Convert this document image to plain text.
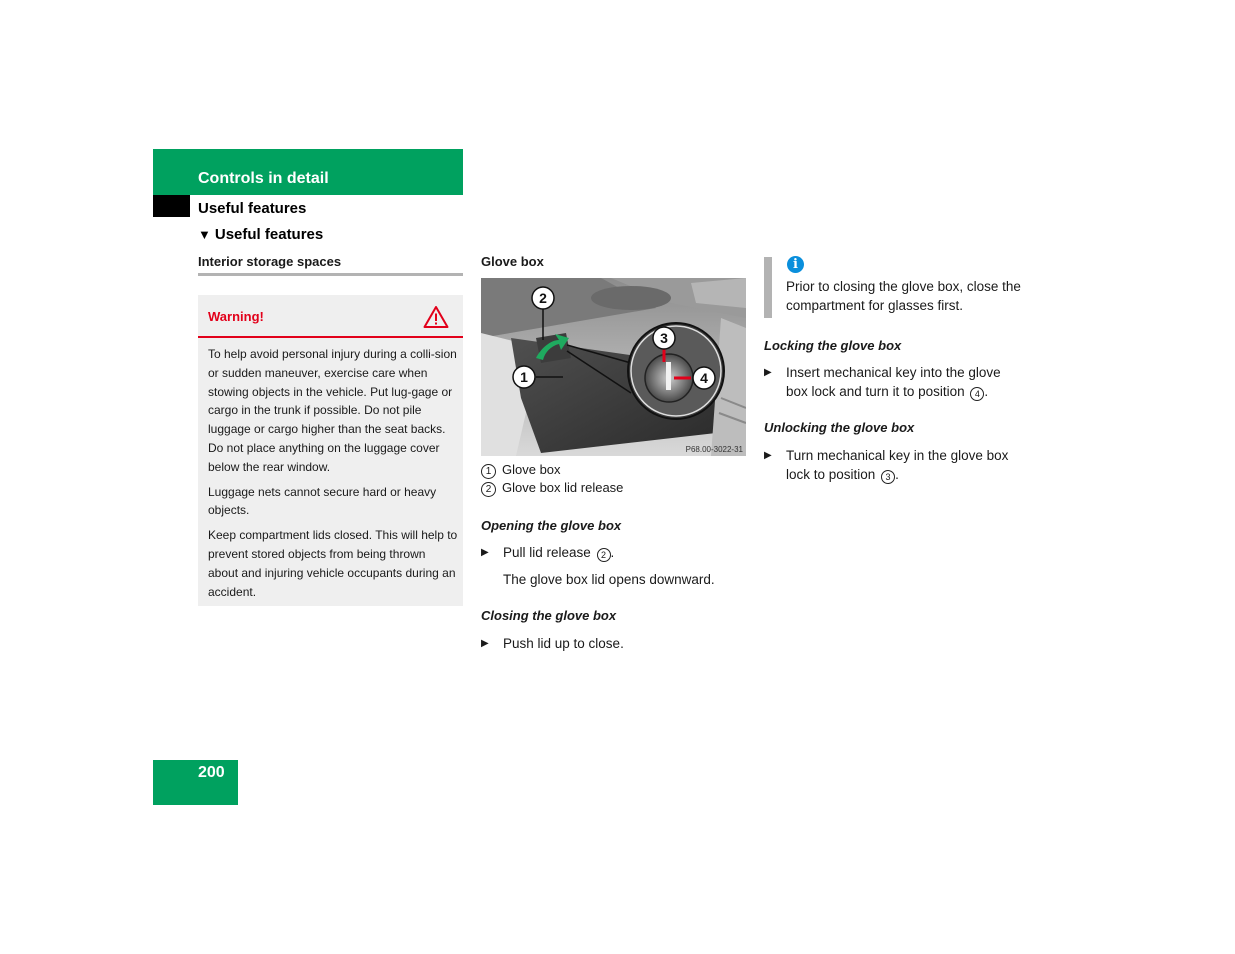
Controls in detail
Useful features
▼ Useful features
Interior storage spaces
Warning!

To help avoid personal injury during a colli-sion or sudden maneuver, exercise care when stowing objects in the vehicle. Put lug-gage or cargo in the trunk if possible. Do not pile luggage or cargo higher than the seat backs. Do not place anything on the luggage cover below the rear window.

Luggage nets cannot secure hard or heavy objects.

Keep compartment lids closed. This will help to prevent stored objects from being thrown about and injuring vehicle occupants during an accident.

Glove box
2
1
3
4
P68.00-3022-31
1 Glove box
2 Glove box lid release
Opening the glove box
▶ Pull lid release 2 .
The glove box lid opens downward.
Closing the glove box
▶ Push lid up to close.
i
Prior to closing the glove box, close the compartment for glasses first.
Locking the glove box
▶ Insert mechanical key into the glove box lock and turn it to position 4 .
Unlocking the glove box
▶ Turn mechanical key in the glove box lock to position 3 .
200
